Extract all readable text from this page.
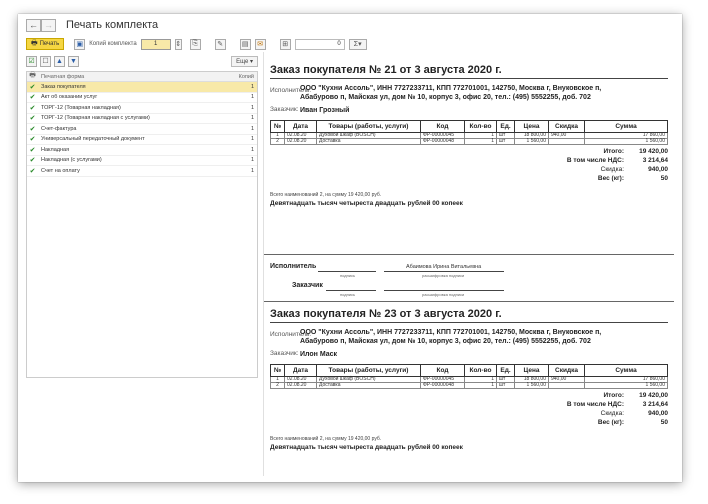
← → Печать комплекта
🖶 Печать	▣	Копий комплекта	1	⇕	⎘	✎	▤	✉	⊞	0	Σ▾
☑	☐	▲ ▼	Еще ▾
🖶 Печатная форма	Копий
✔	Заказ покупателя	1
✔	Акт об оказании услуг	1
✔	ТОРГ-12 (Товарная накладная)	1
✔	ТОРГ-12 (Товарная накладная с услугами)	1
✔	Счет-фактура	1
✔	Универсальный передаточный документ	1
✔	Накладная	1
✔	Накладная (с услугами)	1
✔	Счет на оплату	1
Заказ покупателя № 21 от 3 августа 2020 г.
Исполнитель:
ООО "Кухни Ассоль", ИНН 7727233711, КПП 772701001, 142750, Москва г, Внуковское п,
Абабурово п, Майская ул, дом № 10, корпус 3, офис 20, тел.: (495) 5552255, доб. 702
Заказчик: Иван Грозный
№	Дата	Товары (работы, услуги)	Код	Кол-во	Ед.	Цена	Скидка	Сумма
1	02.08.20	Духовой шкаф (BOSCH)	ФР-00000045	1	шт	18 800,00	940,00	17 860,00
2	02.08.20	Доставка	ФР-00000048	1	шт	1 560,00		1 560,00
Итого:	19 420,00
В том числе НДС:	3 214,64
Скидка:	940,00
Вес (кг):	50
Всего наименований 2, на сумму 19 420,00 руб.
Девятнадцать тысяч четыреста двадцать рублей 00 копеек
Исполнитель	Абаимова Ирина Витальевна
подпись	расшифровка подписи
Заказчик
подпись	расшифровка подписи
Заказ покупателя № 23 от 3 августа 2020 г.
Исполнитель:
ООО "Кухни Ассоль", ИНН 7727233711, КПП 772701001, 142750, Москва г, Внуковское п,
Абабурово п, Майская ул, дом № 10, корпус 3, офис 20, тел.: (495) 5552255, доб. 702
Заказчик: Илон Маск
№	Дата	Товары (работы, услуги)	Код	Кол-во	Ед.	Цена	Скидка	Сумма
1	02.08.20	Духовой шкаф (BOSCH)	ФР-00000045	1	шт	18 800,00	940,00	17 860,00
2	02.08.20	Доставка	ФР-00000048	1	шт	1 560,00		1 560,00
Итого:	19 420,00
В том числе НДС:	3 214,64
Скидка:	940,00
Вес (кг):	50
Всего наименований 2, на сумму 19 420,00 руб.
Девятнадцать тысяч четыреста двадцать рублей 00 копеек
